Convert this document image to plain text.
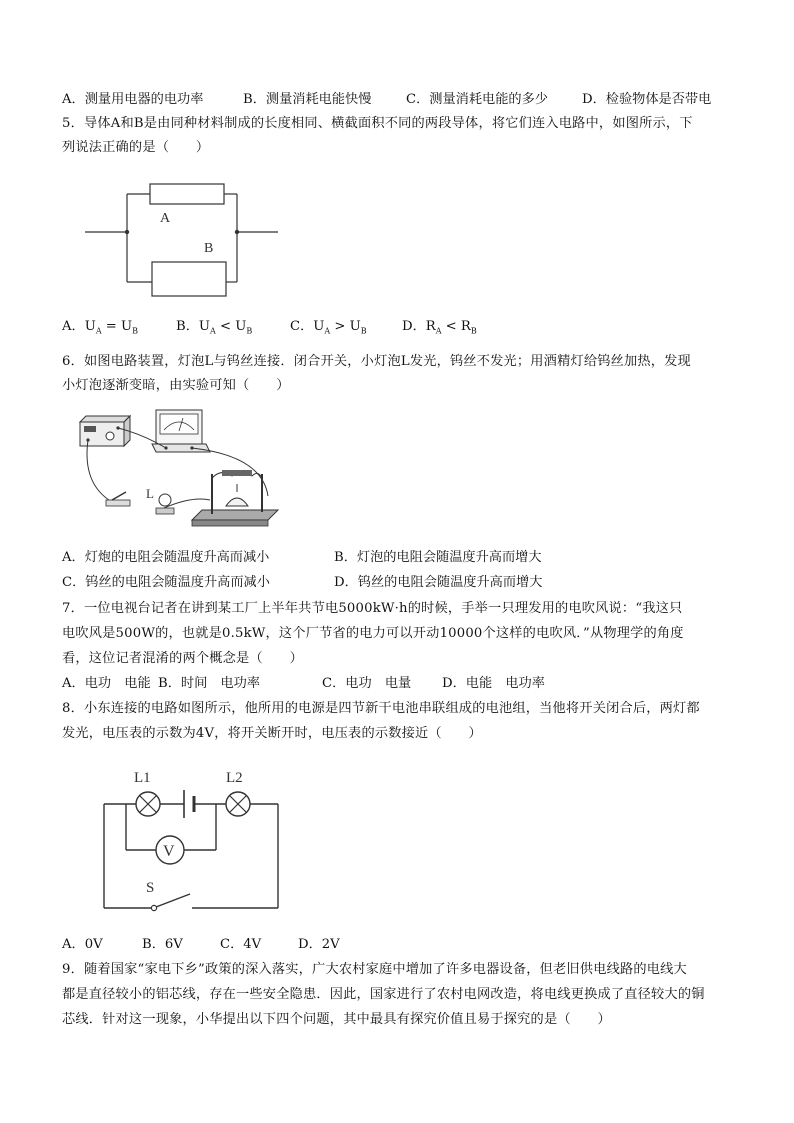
A．测量用电器的电功率	B．测量消耗电能快慢	C．测量消耗电能的多少	D．检验物体是否带电
5．导体A和B是由同种材料制成的长度相同、横截面积不同的两段导体，将它们连入电路中，如图所示，下
列说法正确的是（　　）
A
B
A．$U_A = U_B$	B．$U_A < U_B$	C．$U_A > U_B$	D．$R_A < R_B$
6．如图电路装置，灯泡L与钨丝连接．闭合开关，小灯泡L发光，钨丝不发光；用酒精灯给钨丝加热，发现
小灯泡逐渐变暗，由实验可知（　　）
L
A．灯炮的电阻会随温度升高而减小	B．灯泡的电阻会随温度升高而增大
C．钨丝的电阻会随温度升高而减小	D．钨丝的电阻会随温度升高而增大
7．一位电视台记者在讲到某工厂上半年共节电5000kW·h的时候，手举一只理发用的电吹风说：“我这只
电吹风是500W的，也就是0.5kW，这个厂节省的电力可以开动10000个这样的电吹风．”从物理学的角度
看，这位记者混淆的两个概念是（　　）
A．电功　电能 B．时间　电功率	C．电功　电量 D．电能　电功率
8．小东连接的电路如图所示，他所用的电源是四节新干电池串联组成的电池组，当他将开关闭合后，两灯都
发光，电压表的示数为4V，将开关断开时，电压表的示数接近（　　）
V
S
L1	L2
A．0V	B．6V	C．4V	D．2V
9．随着国家“家电下乡”政策的深入落实，广大农村家庭中增加了许多电器设备，但老旧供电线路的电线大
都是直径较小的铝芯线，存在一些安全隐患．因此，国家进行了农村电网改造，将电线更换成了直径较大的铜
芯线．针对这一现象，小华提出以下四个问题，其中最具有探究价值且易于探究的是（　　）
